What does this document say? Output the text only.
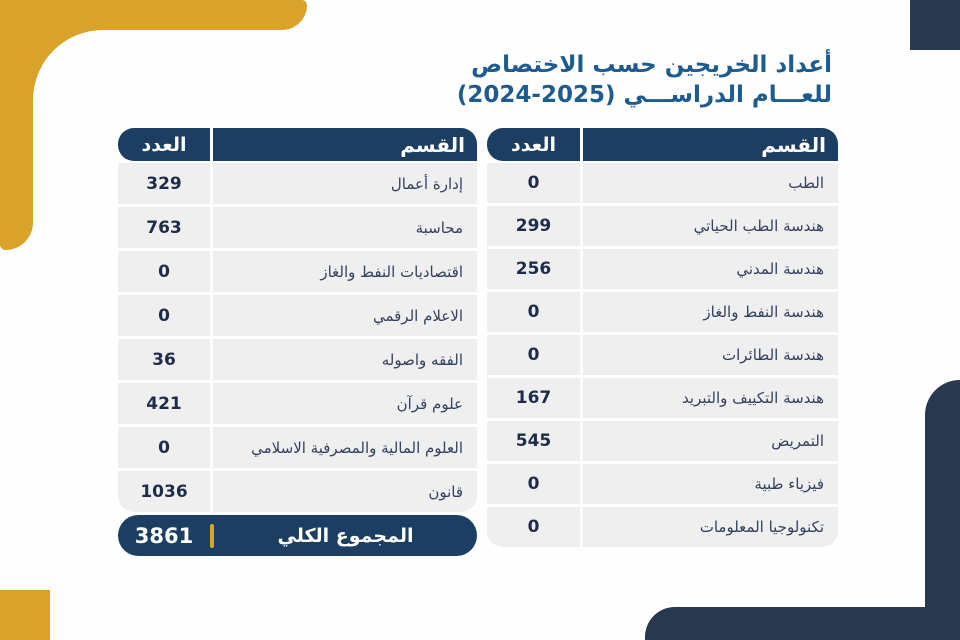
أعداد الخريجين حسب الاختصاص
للعـــام الدراســـي (2025-2024)
القسم
العدد
الطب
0
هندسة الطب الحياتي
299
هندسة المدني
256
هندسة النفط والغاز
0
هندسة الطائرات
0
هندسة التكييف والتبريد
167
التمريض
545
فيزياء طبية
0
تكنولوجيا المعلومات
0
القسم
العدد
إدارة أعمال
329
محاسبة
763
اقتصاديات النفط والغاز
0
الاعلام الرقمي
0
الفقه واصوله
36
علوم قرآن
421
العلوم المالية والمصرفية الاسلامي
0
قانون
1036
المجموع الكلي
3861
